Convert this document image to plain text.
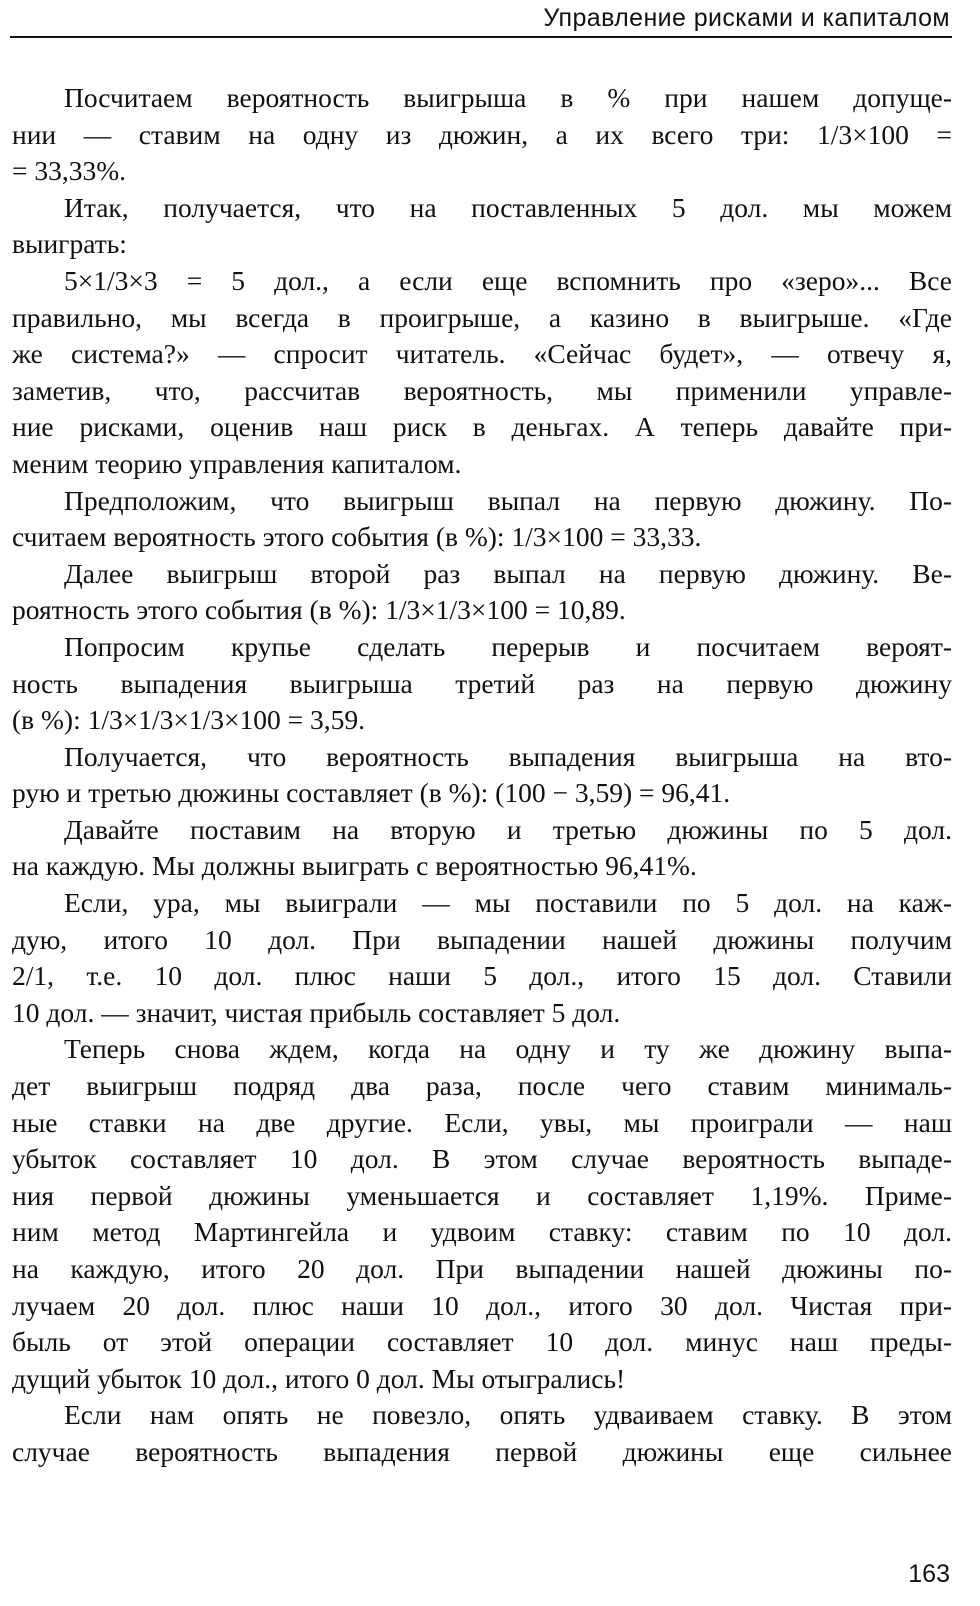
Управление рисками и капиталом
Посчитаем вероятность выигрыша в % при нашем допуще-
нии — ставим на одну из дюжин, а их всего три: 1/3×100 =
= 33,33%.
Итак, получается, что на поставленных 5 дол. мы можем
выиграть:
5×1/3×3 = 5 дол., а если еще вспомнить про «зеро»... Все
правильно, мы всегда в проигрыше, а казино в выигрыше. «Где
же система?» — спросит читатель. «Сейчас будет», — отвечу я,
заметив, что, рассчитав вероятность, мы применили управле-
ние рисками, оценив наш риск в деньгах. А теперь давайте при-
меним теорию управления капиталом.
Предположим, что выигрыш выпал на первую дюжину. По-
считаем вероятность этого события (в %): 1/3×100 = 33,33.
Далее выигрыш второй раз выпал на первую дюжину. Ве-
роятность этого события (в %): 1/3×1/3×100 = 10,89.
Попросим крупье сделать перерыв и посчитаем вероят-
ность выпадения выигрыша третий раз на первую дюжину
(в %): 1/3×1/3×1/3×100 = 3,59.
Получается, что вероятность выпадения выигрыша на вто-
рую и третью дюжины составляет (в %): (100 − 3,59) = 96,41.
Давайте поставим на вторую и третью дюжины по 5 дол.
на каждую. Мы должны выиграть с вероятностью 96,41%.
Если, ура, мы выиграли — мы поставили по 5 дол. на каж-
дую, итого 10 дол. При выпадении нашей дюжины получим
2/1, т.е. 10 дол. плюс наши 5 дол., итого 15 дол. Ставили
10 дол. — значит, чистая прибыль составляет 5 дол.
Теперь снова ждем, когда на одну и ту же дюжину выпа-
дет выигрыш подряд два раза, после чего ставим минималь-
ные ставки на две другие. Если, увы, мы проиграли — наш
убыток составляет 10 дол. В этом случае вероятность выпаде-
ния первой дюжины уменьшается и составляет 1,19%. Приме-
ним метод Мартингейла и удвоим ставку: ставим по 10 дол.
на каждую, итого 20 дол. При выпадении нашей дюжины по-
лучаем 20 дол. плюс наши 10 дол., итого 30 дол. Чистая при-
быль от этой операции составляет 10 дол. минус наш преды-
дущий убыток 10 дол., итого 0 дол. Мы отыгрались!
Если нам опять не повезло, опять удваиваем ставку. В этом
случае вероятность выпадения первой дюжины еще сильнее
163
